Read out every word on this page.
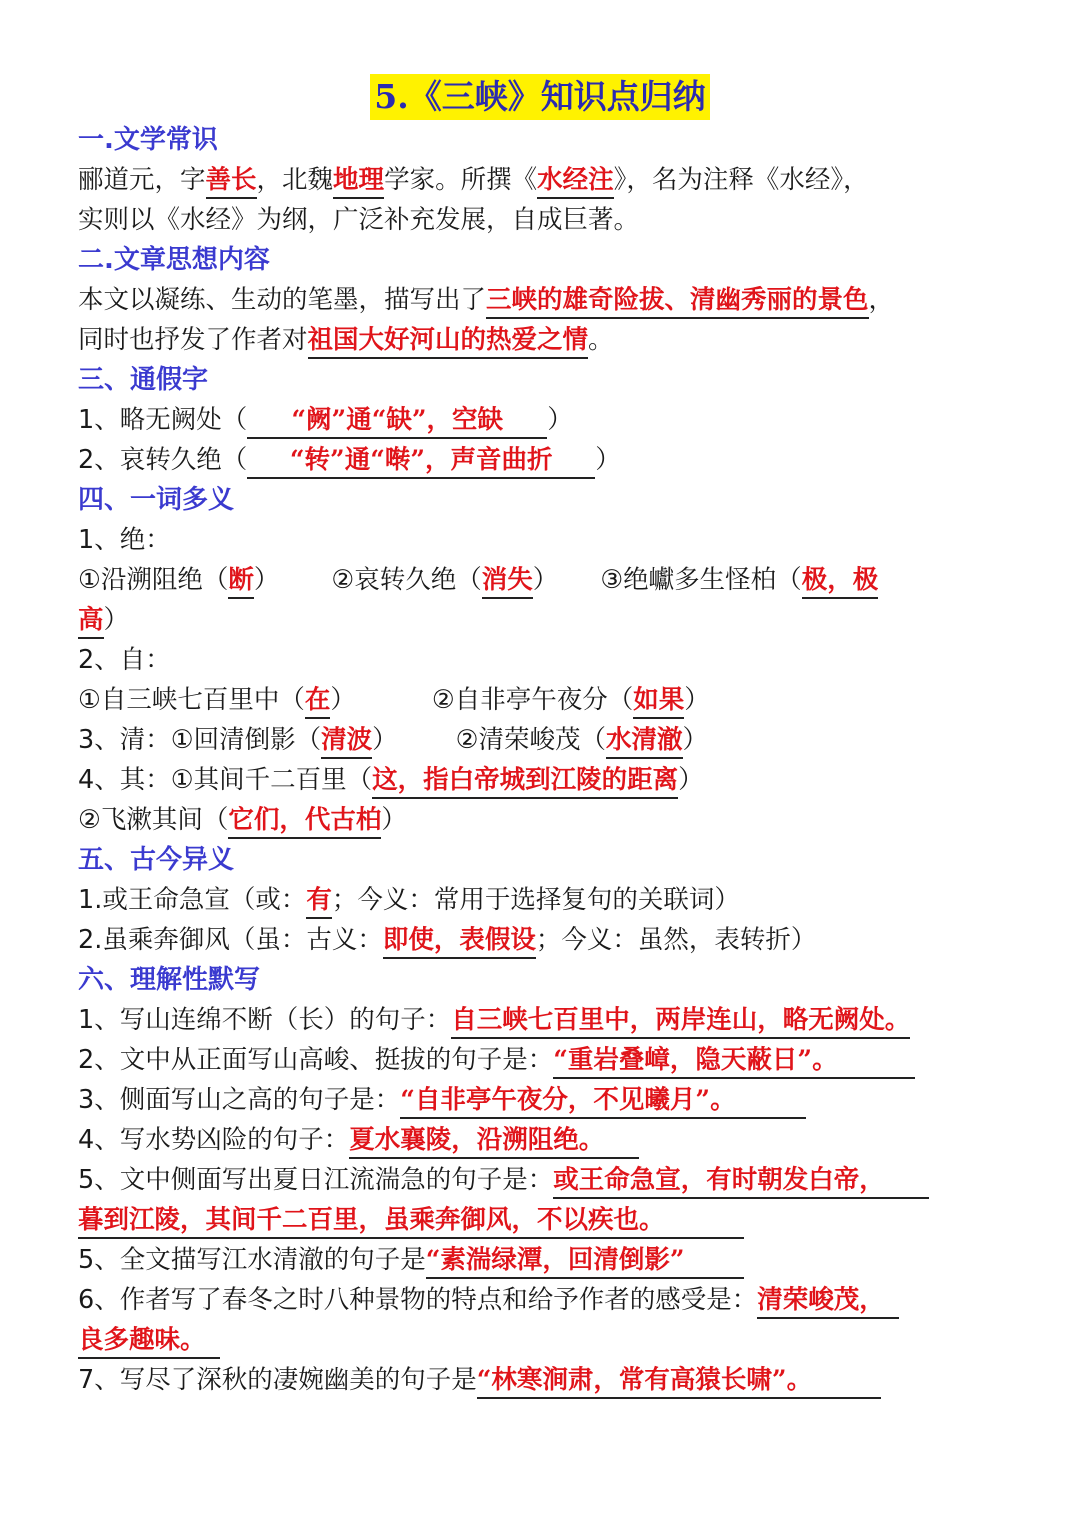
5.《三峡》知识点归纳
一.文学常识
郦道元，字善长，北魏地理学家。所撰《水经注》，名为注释《水经》，
实则以《水经》为纲，广泛补充发展，自成巨著。
二.文章思想内容
本文以凝练、生动的笔墨，描写出了三峡的雄奇险拔、清幽秀丽的景色，
同时也抒发了作者对祖国大好河山的热爱之情。
三、通假字
1、略无阙处（ “阙”通“缺”，空缺 ）
2、哀转久绝（ “转”通“啭”，声音曲折 ）
四、一词多义
1、绝：
①沿溯阻绝（断） ②哀转久绝（消失） ③绝巘多生怪柏（极，极
高）
2、自：
①自三峡七百里中（在）	②自非亭午夜分（如果）
3、清：①回清倒影（清波） ②清荣峻茂（水清澈）
4、其：①其间千二百里（这，指白帝城到江陵的距离）
②飞漱其间（它们，代古柏）
五、古今异义
1.或王命急宣（或：有；今义：常用于选择复句的关联词）
2.虽乘奔御风（虽：古义：即使，表假设；今义：虽然，表转折）
六、理解性默写
1、写山连绵不断（长）的句子：自三峡七百里中，两岸连山，略无阙处。
2、文中从正面写山高峻、挺拔的句子是：“重岩叠嶂，隐天蔽日”。
3、侧面写山之高的句子是：“自非亭午夜分，不见曦月”。
4、写水势凶险的句子：夏水襄陵，沿溯阻绝。
5、文中侧面写出夏日江流湍急的句子是：或王命急宣，有时朝发白帝，
暮到江陵，其间千二百里，虽乘奔御风，不以疾也。
5、全文描写江水清澈的句子是“素湍绿潭，回清倒影”
6、作者写了春冬之时八种景物的特点和给予作者的感受是：清荣峻茂，
良多趣味。
7、写尽了深秋的凄婉幽美的句子是“林寒涧肃，常有高猿长啸”。
